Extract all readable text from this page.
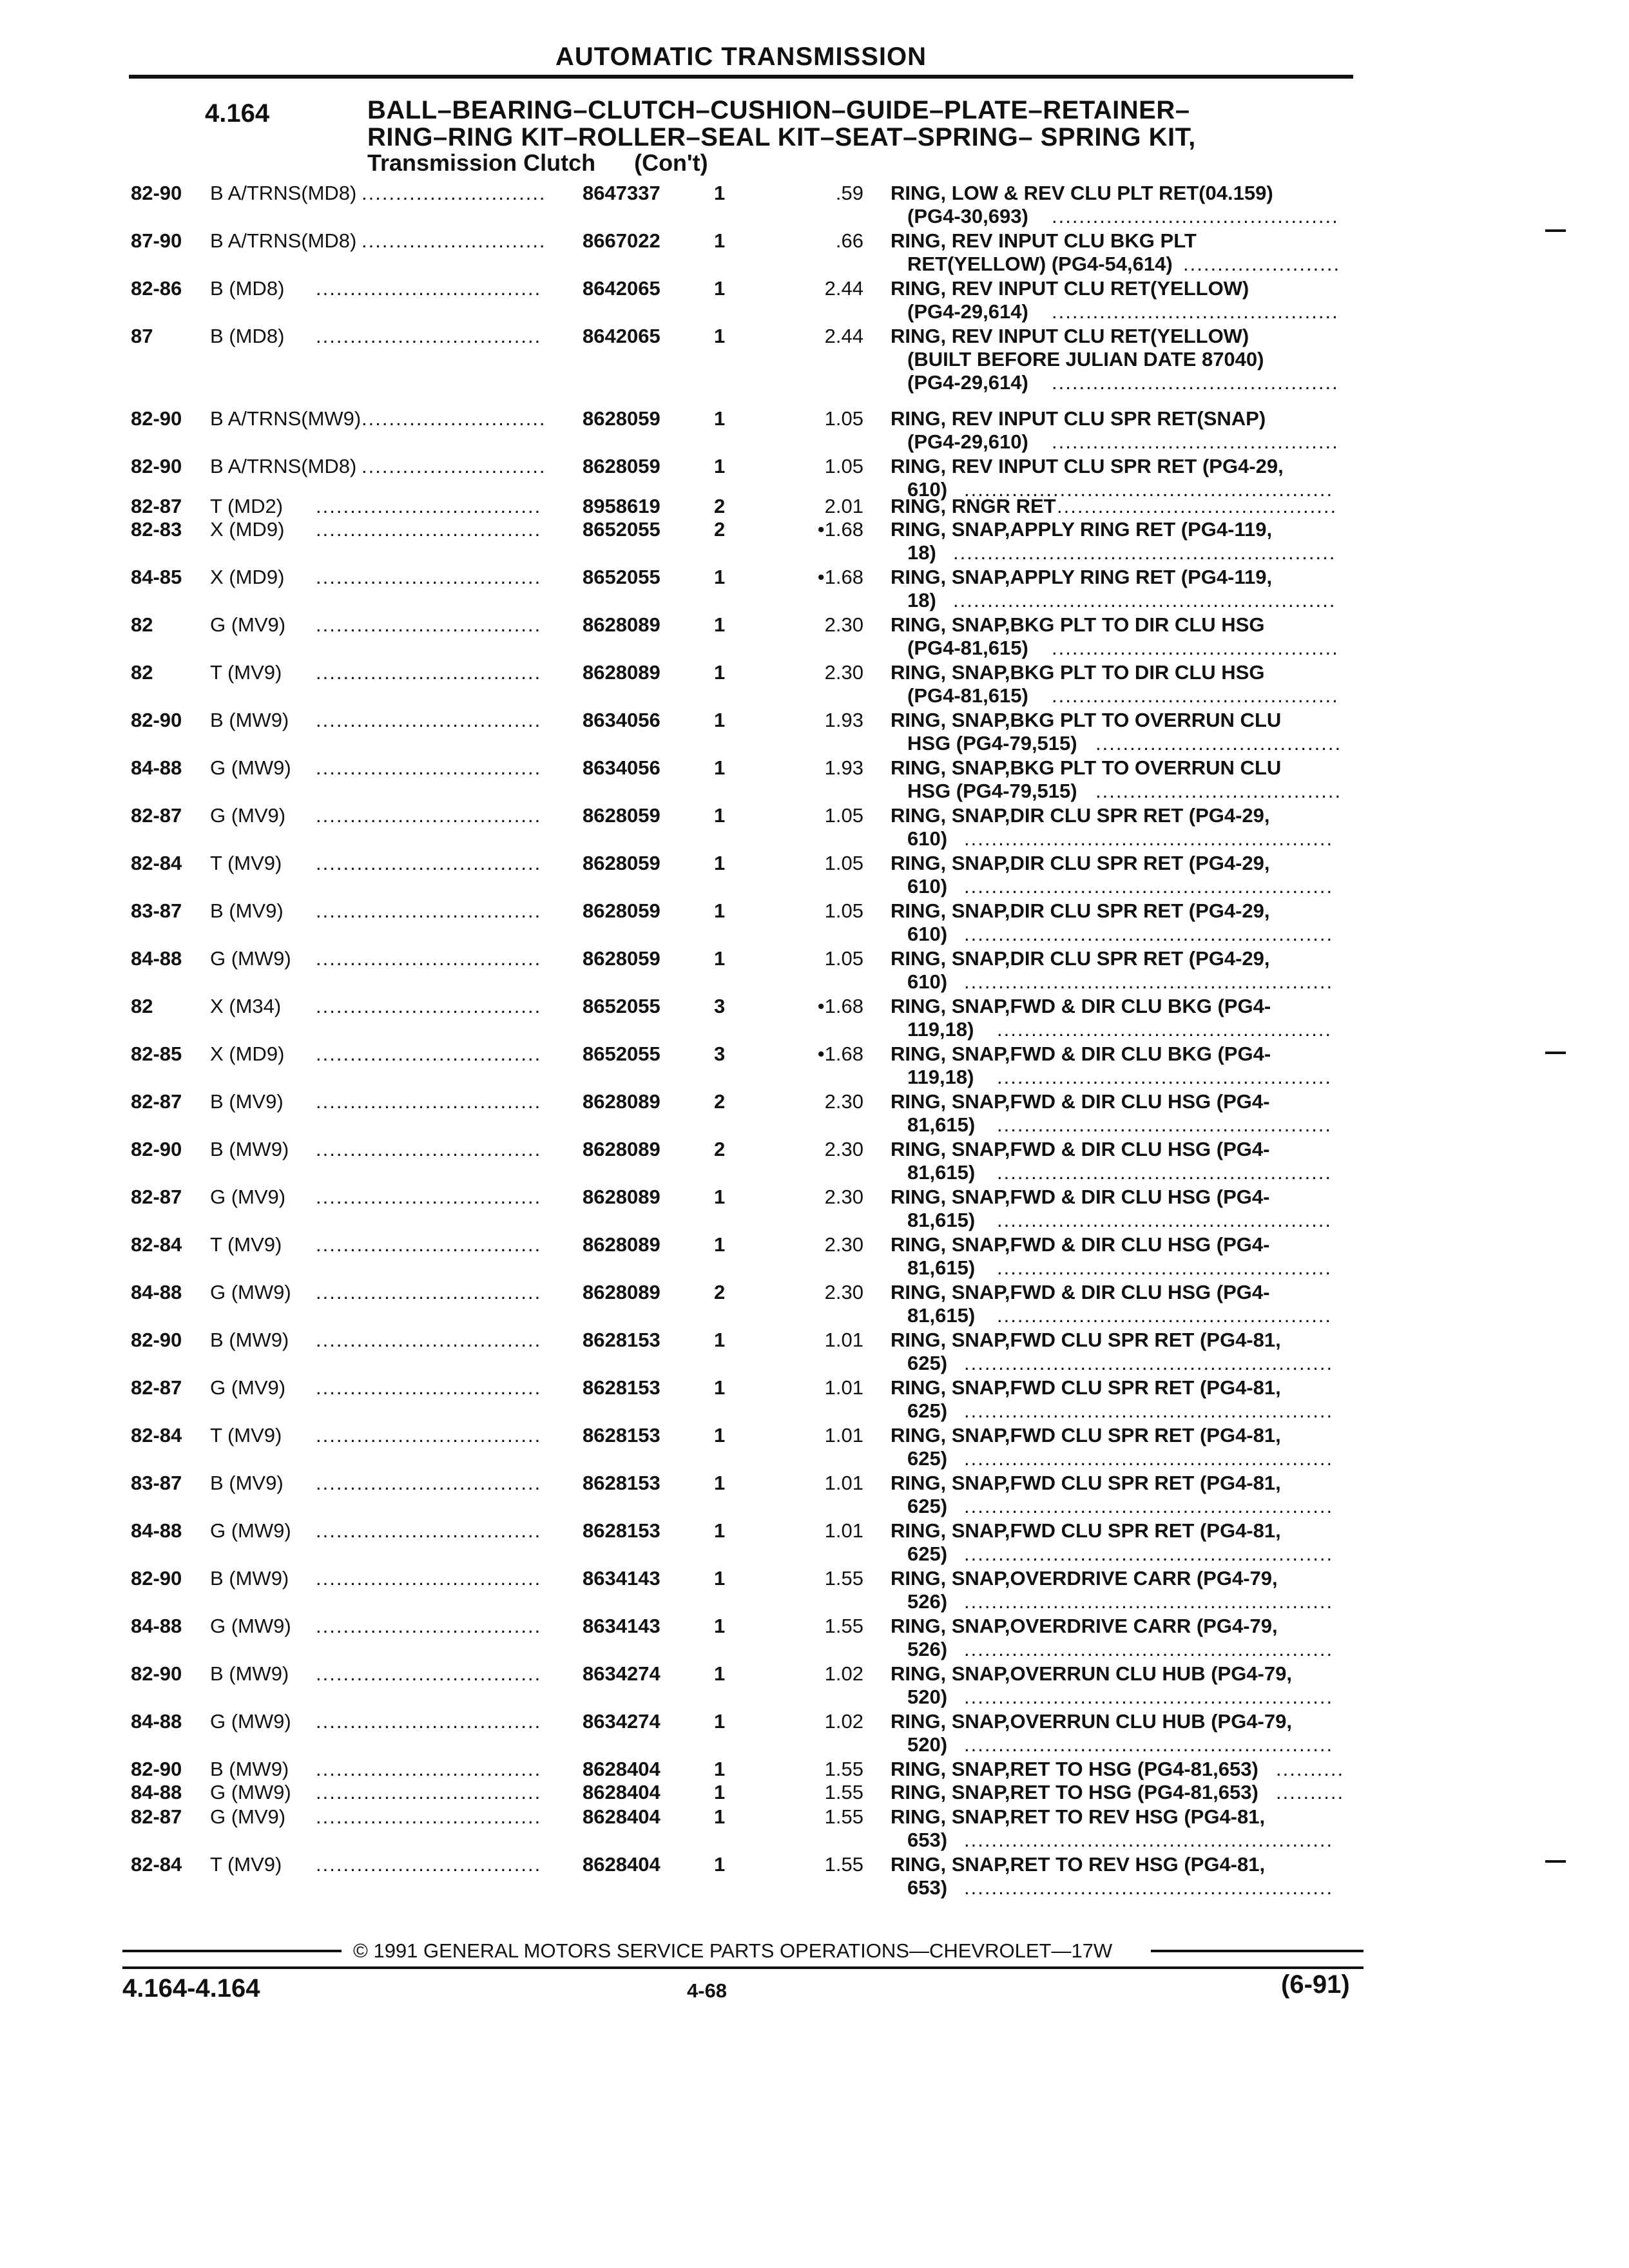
AUTOMATIC TRANSMISSION
4.164	BALL–BEARING–CLUTCH–CUSHION–GUIDE–PLATE–RETAINER–
RING–RING KIT–ROLLER–SEAL KIT–SEAT–SPRING– SPRING KIT,
Transmission Clutch (Con't)
82-90 B A/TRNS(MD8) ........................... 8647337	1	.59 RING, LOW & REV CLU PLT RET(04.159)
(PG4-30,693) ..........................................
87-90 B A/TRNS(MD8) ........................... 8667022	1	.66 RING, REV INPUT CLU BKG PLT
RET(YELLOW) (PG4-54,614) .......................
82-86 B (MD8) ................................. 8642065	1	2.44 RING, REV INPUT CLU RET(YELLOW)
(PG4-29,614) ..........................................
87	B (MD8) ................................. 8642065	1	2.44 RING, REV INPUT CLU RET(YELLOW)
(BUILT BEFORE JULIAN DATE 87040)
(PG4-29,614) ..........................................
82-90 B A/TRNS(MW9) ........................... 8628059	1	1.05 RING, REV INPUT CLU SPR RET(SNAP)
(PG4-29,610) ..........................................
82-90 B A/TRNS(MD8) ........................... 8628059	1	1.05 RING, REV INPUT CLU SPR RET (PG4-29,
610) ......................................................
82-87 T (MD2) ................................. 8958619	2	2.01 RING, RNGR RET .........................................
82-83 X (MD9) ................................. 8652055	2	•1.68 RING, SNAP,APPLY RING RET (PG4-119,
18) ........................................................
84-85 X (MD9) ................................. 8652055	1	•1.68 RING, SNAP,APPLY RING RET (PG4-119,
18) ........................................................
82	G (MV9) ................................. 8628089	1	2.30 RING, SNAP,BKG PLT TO DIR CLU HSG
(PG4-81,615) ..........................................
82	T (MV9) ................................. 8628089	1	2.30 RING, SNAP,BKG PLT TO DIR CLU HSG
(PG4-81,615) ..........................................
82-90 B (MW9) ................................. 8634056	1	1.93 RING, SNAP,BKG PLT TO OVERRUN CLU
HSG (PG4-79,515) ....................................
84-88 G (MW9) ................................. 8634056	1	1.93 RING, SNAP,BKG PLT TO OVERRUN CLU
HSG (PG4-79,515) ....................................
82-87 G (MV9) ................................. 8628059	1	1.05 RING, SNAP,DIR CLU SPR RET (PG4-29,
610) ......................................................
82-84 T (MV9) ................................. 8628059	1	1.05 RING, SNAP,DIR CLU SPR RET (PG4-29,
610) ......................................................
83-87 B (MV9) ................................. 8628059	1	1.05 RING, SNAP,DIR CLU SPR RET (PG4-29,
610) ......................................................
84-88 G (MW9) ................................. 8628059	1	1.05 RING, SNAP,DIR CLU SPR RET (PG4-29,
610) ......................................................
82	X (M34) ................................. 8652055	3	•1.68 RING, SNAP,FWD & DIR CLU BKG (PG4-
119,18) .................................................
82-85 X (MD9) ................................. 8652055	3	•1.68 RING, SNAP,FWD & DIR CLU BKG (PG4-
119,18) .................................................
82-87 B (MV9) ................................. 8628089	2	2.30 RING, SNAP,FWD & DIR CLU HSG (PG4-
81,615) .................................................
82-90 B (MW9) ................................. 8628089	2	2.30 RING, SNAP,FWD & DIR CLU HSG (PG4-
81,615) .................................................
82-87 G (MV9) ................................. 8628089	1	2.30 RING, SNAP,FWD & DIR CLU HSG (PG4-
81,615) .................................................
82-84 T (MV9) ................................. 8628089	1	2.30 RING, SNAP,FWD & DIR CLU HSG (PG4-
81,615) .................................................
84-88 G (MW9) ................................. 8628089	2	2.30 RING, SNAP,FWD & DIR CLU HSG (PG4-
81,615) .................................................
82-90 B (MW9) ................................. 8628153	1	1.01 RING, SNAP,FWD CLU SPR RET (PG4-81,
625) ......................................................
82-87 G (MV9) ................................. 8628153	1	1.01 RING, SNAP,FWD CLU SPR RET (PG4-81,
625) ......................................................
82-84 T (MV9) ................................. 8628153	1	1.01 RING, SNAP,FWD CLU SPR RET (PG4-81,
625) ......................................................
83-87 B (MV9) ................................. 8628153	1	1.01 RING, SNAP,FWD CLU SPR RET (PG4-81,
625) ......................................................
84-88 G (MW9) ................................. 8628153	1	1.01 RING, SNAP,FWD CLU SPR RET (PG4-81,
625) ......................................................
82-90 B (MW9) ................................. 8634143	1	1.55 RING, SNAP,OVERDRIVE CARR (PG4-79,
526) ......................................................
84-88 G (MW9) ................................. 8634143	1	1.55 RING, SNAP,OVERDRIVE CARR (PG4-79,
526) ......................................................
82-90 B (MW9) ................................. 8634274	1	1.02 RING, SNAP,OVERRUN CLU HUB (PG4-79,
520) ......................................................
84-88 G (MW9) ................................. 8634274	1	1.02 RING, SNAP,OVERRUN CLU HUB (PG4-79,
520) ......................................................
82-90 B (MW9) ................................. 8628404	1	1.55 RING, SNAP,RET TO HSG (PG4-81,653) ..........
84-88 G (MW9) ................................. 8628404	1	1.55 RING, SNAP,RET TO HSG (PG4-81,653) ..........
82-87 G (MV9) ................................. 8628404	1	1.55 RING, SNAP,RET TO REV HSG (PG4-81,
653) ......................................................
82-84 T (MV9) ................................. 8628404	1	1.55 RING, SNAP,RET TO REV HSG (PG4-81,
653) ......................................................
© 1991 GENERAL MOTORS SERVICE PARTS OPERATIONS—CHEVROLET—17W
4.164-4.164	4-68	(6-91)
